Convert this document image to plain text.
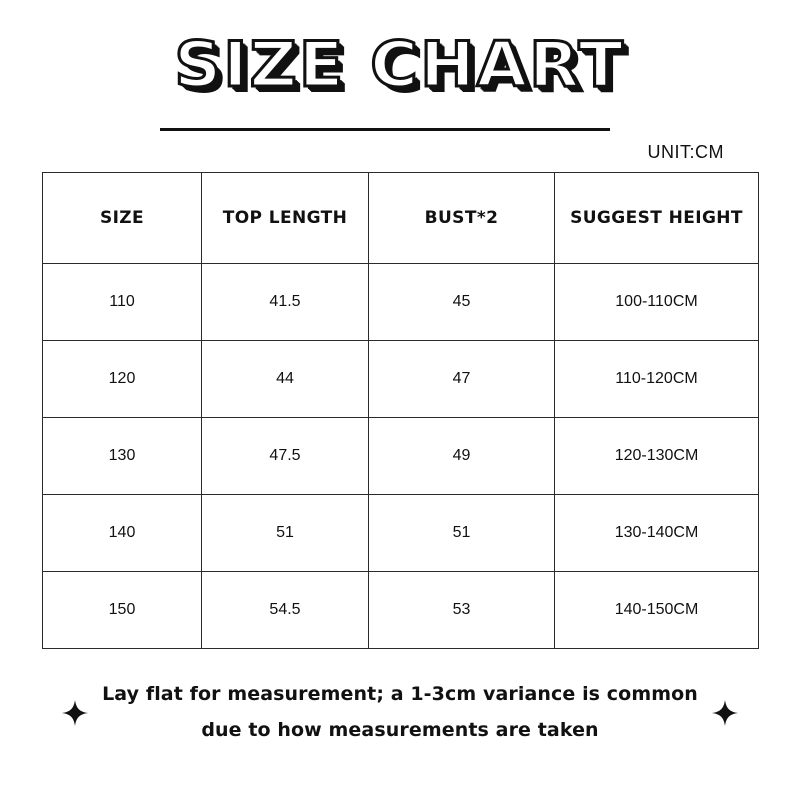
SIZE CHART
UNIT:CM
SIZE	TOP LENGTH	BUST*2	SUGGEST HEIGHT
110	41.5	45	100-110CM
120	44	47	110-120CM
130	47.5	49	120-130CM
140	51	51	130-140CM
150	54.5	53	140-150CM
Lay flat for measurement; a 1-3cm variance is common
due to how measurements are taken
